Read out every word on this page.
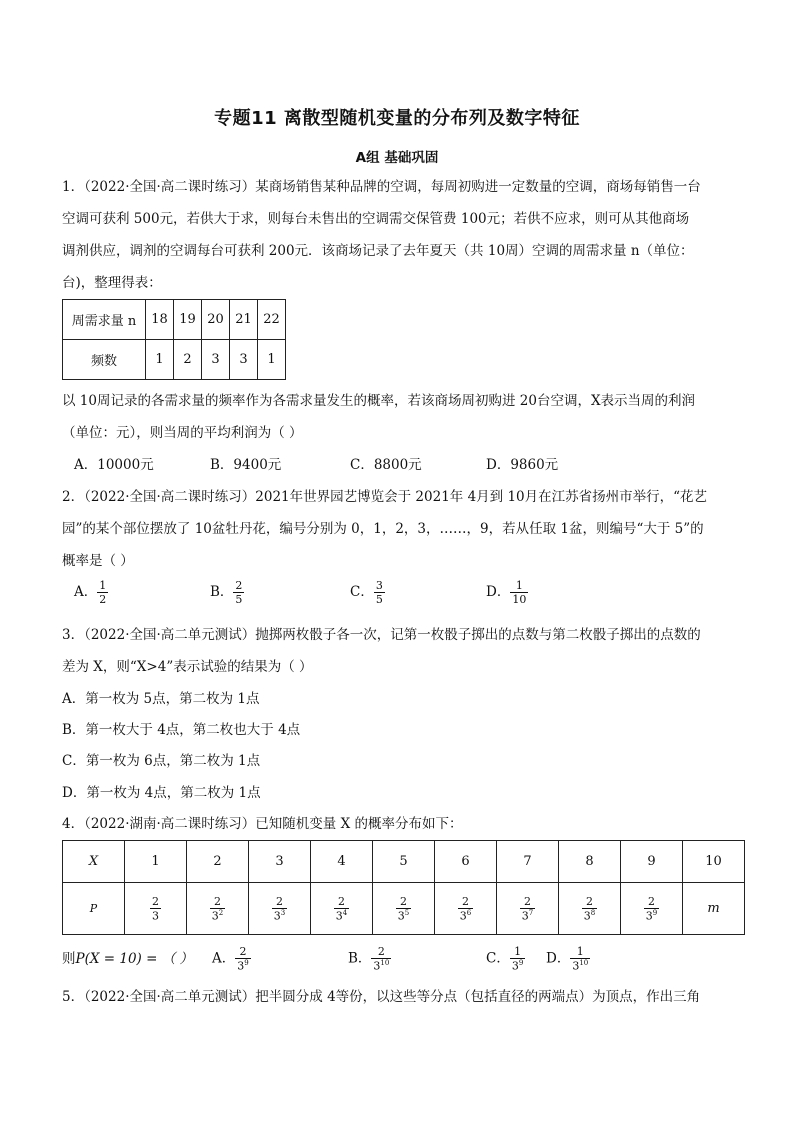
专题11 离散型随机变量的分布列及数字特征
A组 基础巩固
1．（2022·全国·高二课时练习）某商场销售某种品牌的空调，每周初购进一定数量的空调，商场每销售一台
空调可获利 500元，若供大于求，则每台未售出的空调需交保管费 100元；若供不应求，则可从其他商场
调剂供应，调剂的空调每台可获利 200元．该商场记录了去年夏天（共 10周）空调的周需求量 n（单位：
台)，整理得表：
周需求量 n	18	19	20	21	22
频数	1	2	3	3	1
以 10周记录的各需求量的频率作为各需求量发生的概率，若该商场周初购进 20台空调，X表示当周的利润
（单位：元），则当周的平均利润为（ ）
A．10000元	B．9400元	C．8800元	D．9860元
2．（2022·全国·高二课时练习）2021年世界园艺博览会于 2021年 4月到 10月在江苏省扬州市举行，“花艺
园”的某个部位摆放了 10盆牡丹花，编号分别为 0，1，2，3，……，9，若从任取 1盆，则编号“大于 5”的
概率是（ ）
A． $\frac{1}{2}$	B． $\frac{2}{5}$	C． $\frac{3}{5}$	D． $\frac{1}{10}$
3．（2022·全国·高二单元测试）抛掷两枚骰子各一次，记第一枚骰子掷出的点数与第二枚骰子掷出的点数的
差为 X，则“X>4”表示试验的结果为（ ）
A．第一枚为 5点，第二枚为 1点
B．第一枚大于 4点，第二枚也大于 4点
C．第一枚为 6点，第二枚为 1点
D．第一枚为 4点，第二枚为 1点
4．（2022·湖南·高二课时练习）已知随机变量 X 的概率分布如下：
X	1	2	3	4	5	6	7	8	9	10
P	$\frac{2}{3}$	$\frac{2}{3^2}$	$\frac{2}{3^3}$	$\frac{2}{3^4}$	$\frac{2}{3^5}$	$\frac{2}{3^6}$	$\frac{2}{3^7}$	$\frac{2}{3^8}$	$\frac{2}{3^9}$	m
则P(X = 10) = （ ） A． $\frac{2}{3^9}$	B． $\frac{2}{3^{10}}$	C． $\frac{1}{3^9}$ D． $\frac{1}{3^{10}}$
5．（2022·全国·高二单元测试）把半圆分成 4等份，以这些等分点（包括直径的两端点）为顶点，作出三角
